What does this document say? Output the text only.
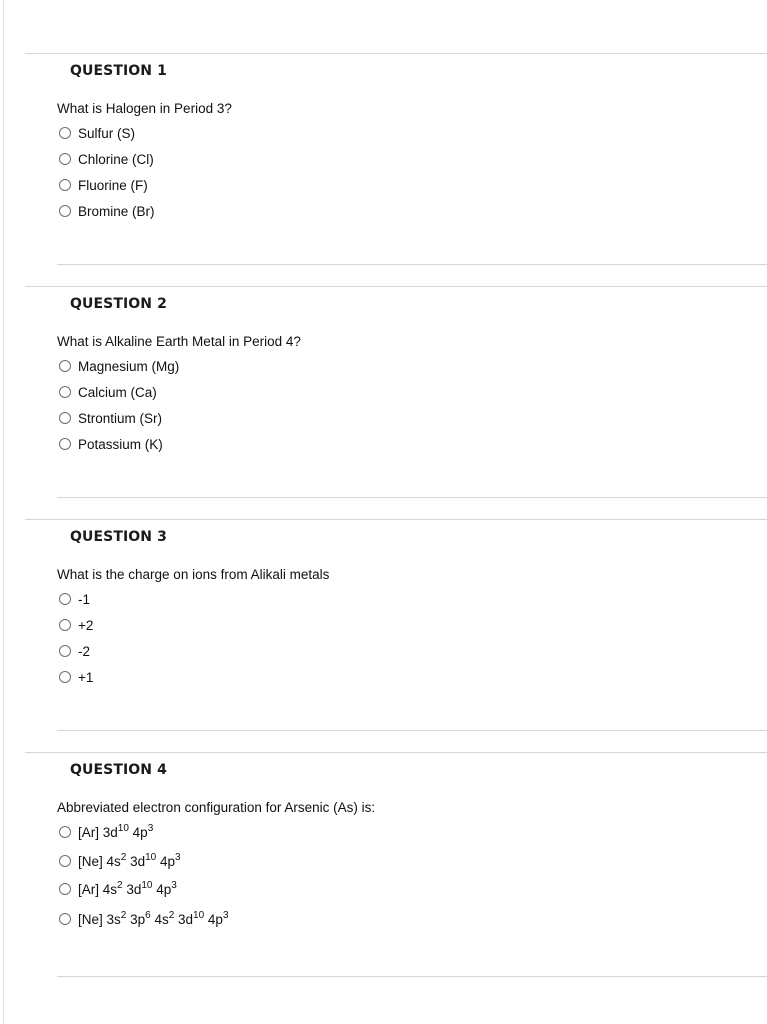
QUESTION 1
What is Halogen in Period 3?
Sulfur (S)
Chlorine (Cl)
Fluorine (F)
Bromine (Br)
QUESTION 2
What is Alkaline Earth Metal in Period 4?
Magnesium (Mg)
Calcium (Ca)
Strontium (Sr)
Potassium (K)
QUESTION 3
What is the charge on ions from Alikali metals
-1
+2
-2
+1
QUESTION 4
Abbreviated electron configuration for Arsenic (As) is:
[Ar] $3d^{10}$ $4p^3$
[Ne] $4s^2$ $3d^{10}$ $4p^3$
[Ar] $4s^2$ $3d^{10}$ $4p^3$
[Ne] $3s^2$ $3p^6$ $4s^2$ $3d^{10}$ $4p^3$
